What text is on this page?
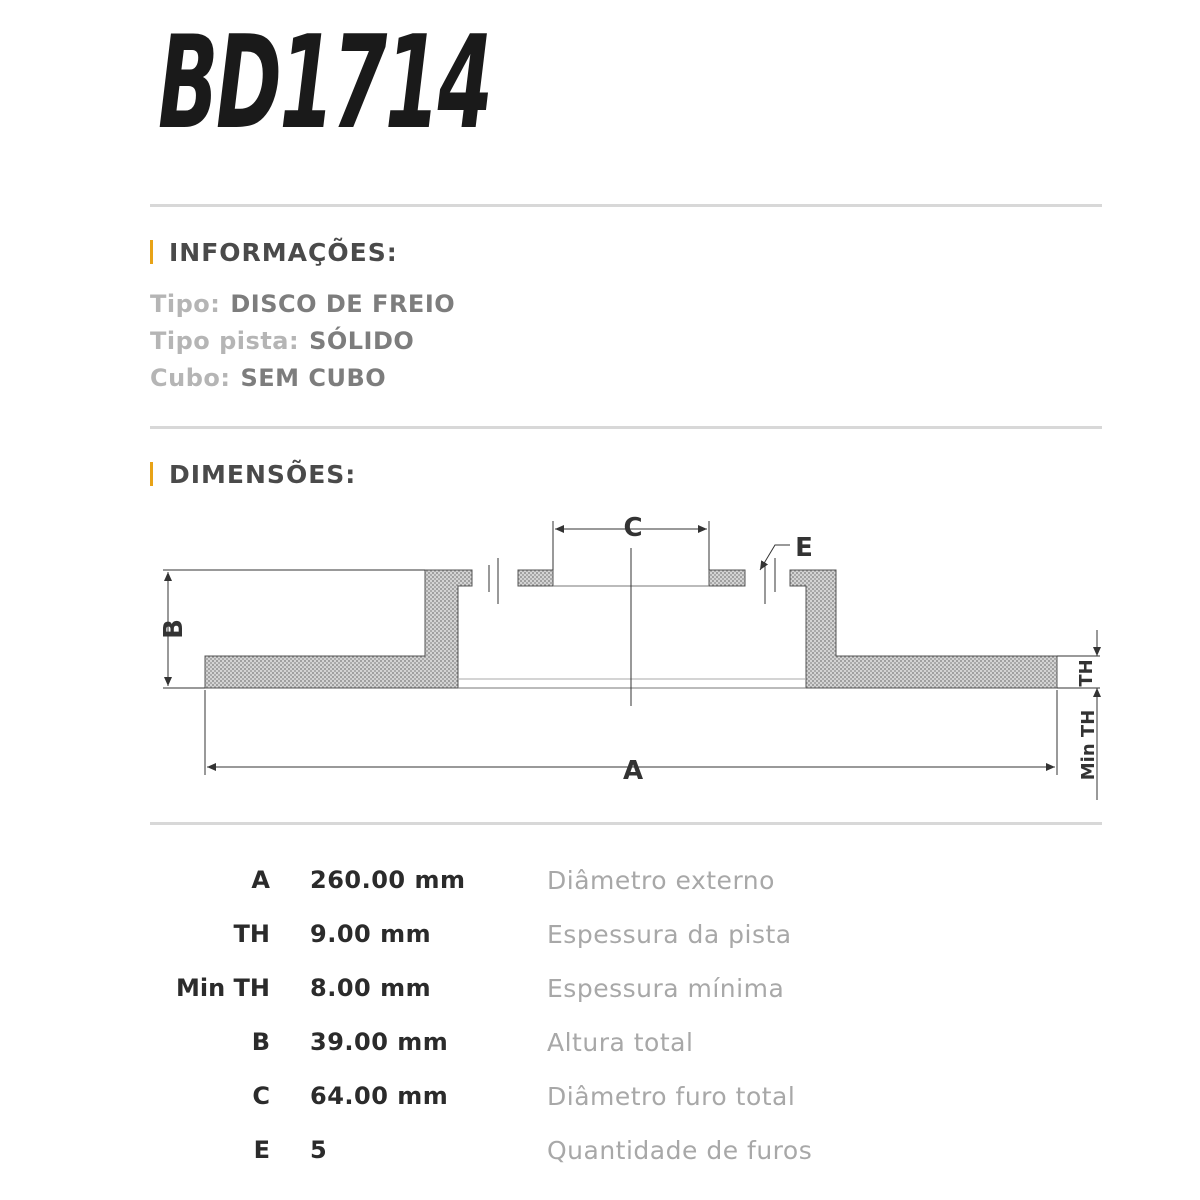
BD1714
INFORMAÇÕES:
Tipo: DISCO DE FREIO
Tipo pista: SÓLIDO
Cubo: SEM CUBO
DIMENSÕES:
C
E
B
A
TH
Min TH
A 260.00 mm	Diâmetro externo
TH 9.00 mm	Espessura da pista
Min TH 8.00 mm	Espessura mínima
B 39.00 mm	Altura total
C 64.00 mm	Diâmetro furo total
E 5	Quantidade de furos
